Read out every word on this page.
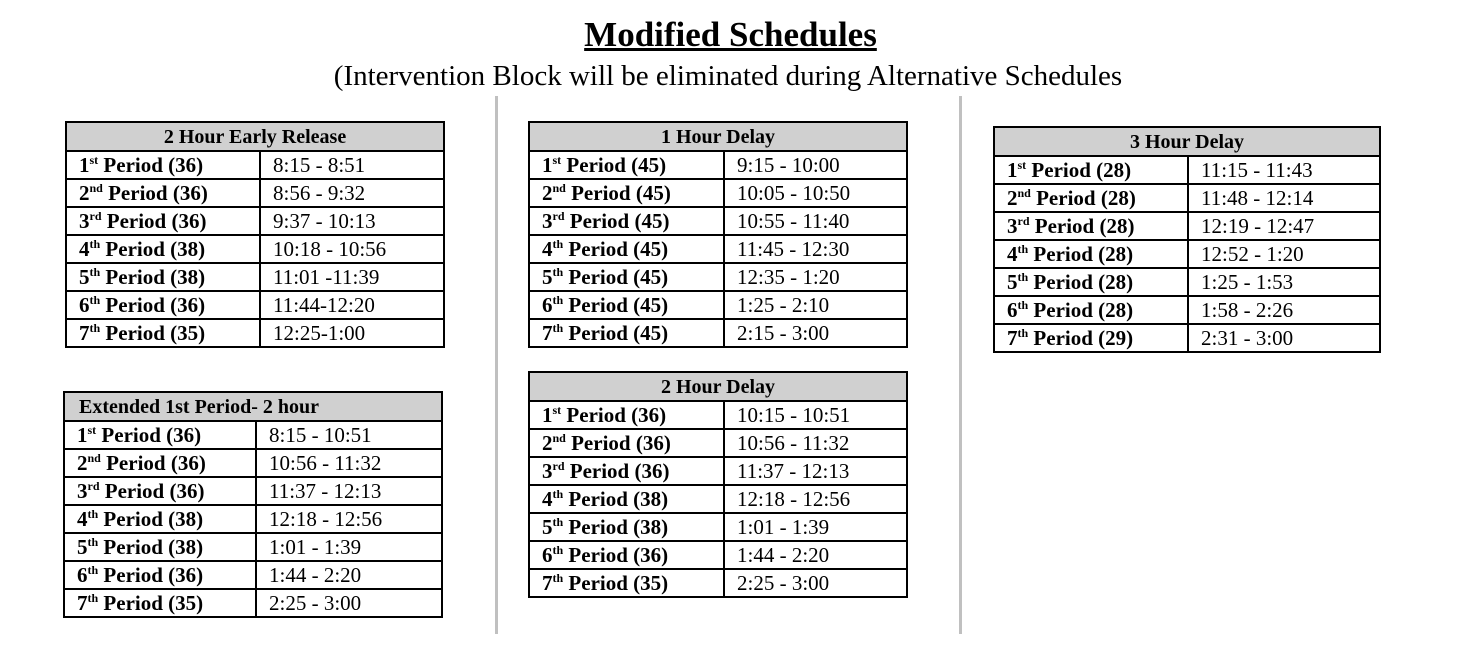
Modified Schedules
(Intervention Block will be eliminated during Alternative Schedules
2 Hour Early Release	
1st Period (36)	8:15 - 8:51
2nd Period (36)	8:56 - 9:32
3rd Period (36)	9:37 - 10:13
4th Period (38)	10:18 - 10:56
5th Period (38)	11:01 -11:39
6th Period (36)	11:44-12:20
7th Period (35)	12:25-1:00
Extended 1st Period- 2 hour	
1st Period (36)	8:15 - 10:51
2nd Period (36)	10:56 - 11:32
3rd Period (36)	11:37 - 12:13
4th Period (38)	12:18 - 12:56
5th Period (38)	1:01 - 1:39
6th Period (36)	1:44 - 2:20
7th Period (35)	2:25 - 3:00
1 Hour Delay	
1st Period (45)	9:15 - 10:00
2nd Period (45)	10:05 - 10:50
3rd Period (45)	10:55 - 11:40
4th Period (45)	11:45 - 12:30
5th Period (45)	12:35 - 1:20
6th Period (45)	1:25 - 2:10
7th Period (45)	2:15 - 3:00
2 Hour Delay	
1st Period (36)	10:15 - 10:51
2nd Period (36)	10:56 - 11:32
3rd Period (36)	11:37 - 12:13
4th Period (38)	12:18 - 12:56
5th Period (38)	1:01 - 1:39
6th Period (36)	1:44 - 2:20
7th Period (35)	2:25 - 3:00
3 Hour Delay	
1st Period (28)	11:15 - 11:43
2nd Period (28)	11:48 - 12:14
3rd Period (28)	12:19 - 12:47
4th Period (28)	12:52 - 1:20
5th Period (28)	1:25 - 1:53
6th Period (28)	1:58 - 2:26
7th Period (29)	2:31 - 3:00
